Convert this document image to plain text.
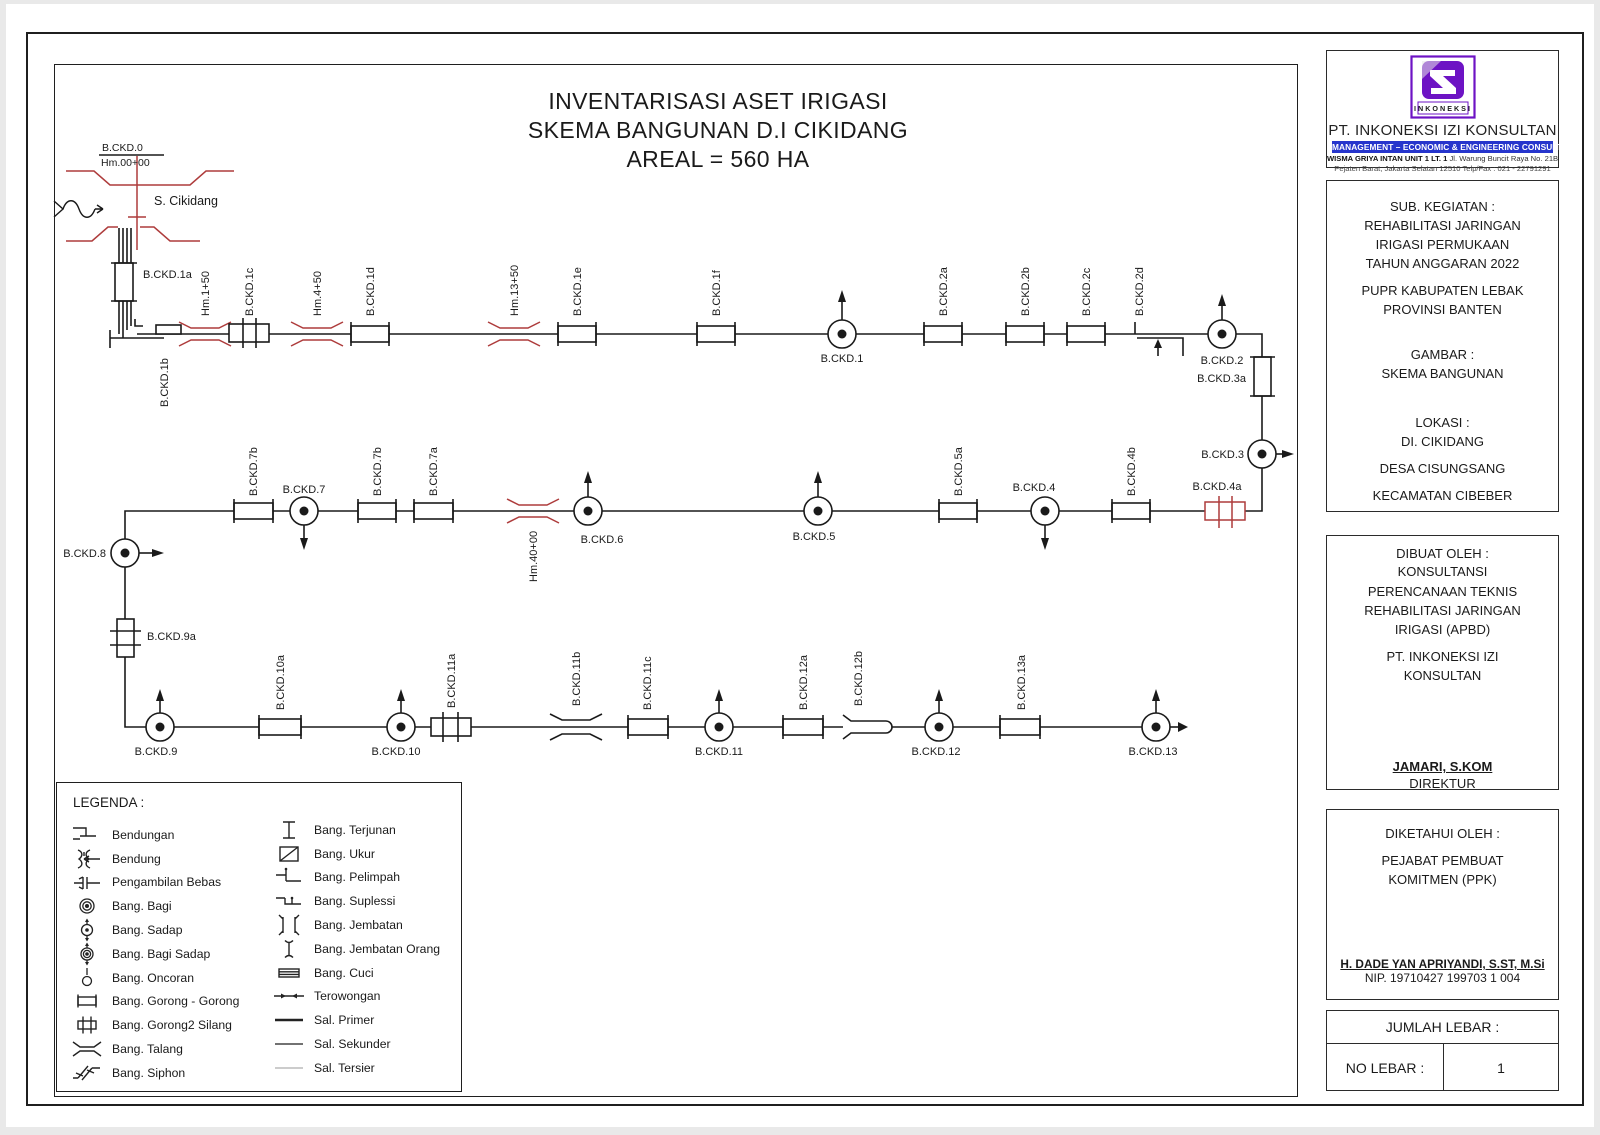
INVENTARISASI ASET IRIGASI
SKEMA BANGUNAN D.I CIKIDANG
AREAL = 560 HA
B.CKD.0
Hm.00+00
S. Cikidang
B.CKD.1a
B.CKD.1b
Hm.1+50	B.CKD.1c	Hm.4+50	B.CKD.1d	Hm.13+50	B.CKD.1e	B.CKD.1f
B.CKD.1
B.CKD.2a	B.CKD.2b	B.CKD.2c	B.CKD.2d
B.CKD.2
B.CKD.3a
B.CKD.3
B.CKD.7b B.CKD.7	B.CKD.7b	B.CKD.7a
Hm.40+00	B.CKD.6	B.CKD.5
B.CKD.5a	B.CKD.4	B.CKD.4b	B.CKD.4a
B.CKD.8
B.CKD.9a
B.CKD.9
B.CKD.10a
B.CKD.10
B.CKD.11a	B.CKD.11b	B.CKD.11c
B.CKD.11
B.CKD.12a	B.CKD.12b
B.CKD.12
B.CKD.13a
B.CKD.13
LEGENDA :
Bendungan
Bendung
Pengambilan Bebas
Bang. Bagi
Bang. Sadap
Bang. Bagi Sadap
Bang. Oncoran
Bang. Gorong - Gorong
Bang. Gorong2 Silang
Bang. Talang
Bang. Siphon
Bang. Terjunan
Bang. Ukur
Bang. Pelimpah
Bang. Suplessi
Bang. Jembatan
Bang. Jembatan Orang
Bang. Cuci
Terowongan
Sal. Primer
Sal. Sekunder
Sal. Tersier
INKONEKSI
PT. INKONEKSI IZI KONSULTAN
MANAGEMENT – ECONOMIC & ENGINEERING CONSULTANT
WISMA GRIYA INTAN UNIT 1 LT. 1 Jl. Warung Buncit Raya No. 21B
Pejaten Barat, Jakarta Selatan 12510 Telp/Fax : 021 - 22791291
SUB. KEGIATAN :
REHABILITASI JARINGAN
IRIGASI PERMUKAAN
TAHUN ANGGARAN 2022
PUPR KABUPATEN LEBAK
PROVINSI BANTEN
GAMBAR :
SKEMA BANGUNAN
LOKASI :
DI. CIKIDANG
DESA CISUNGSANG
KECAMATAN CIBEBER
DIBUAT OLEH :
KONSULTANSI
PERENCANAAN TEKNIS
REHABILITASI JARINGAN
IRIGASI (APBD)
PT. INKONEKSI IZI
KONSULTAN
JAMARI, S.KOM
DIREKTUR
DIKETAHUI OLEH :
PEJABAT PEMBUAT
KOMITMEN (PPK)
H. DADE YAN APRIYANDI, S.ST, M.Si
NIP. 19710427 199703 1 004
JUMLAH LEBAR :
NO LEBAR :	1
